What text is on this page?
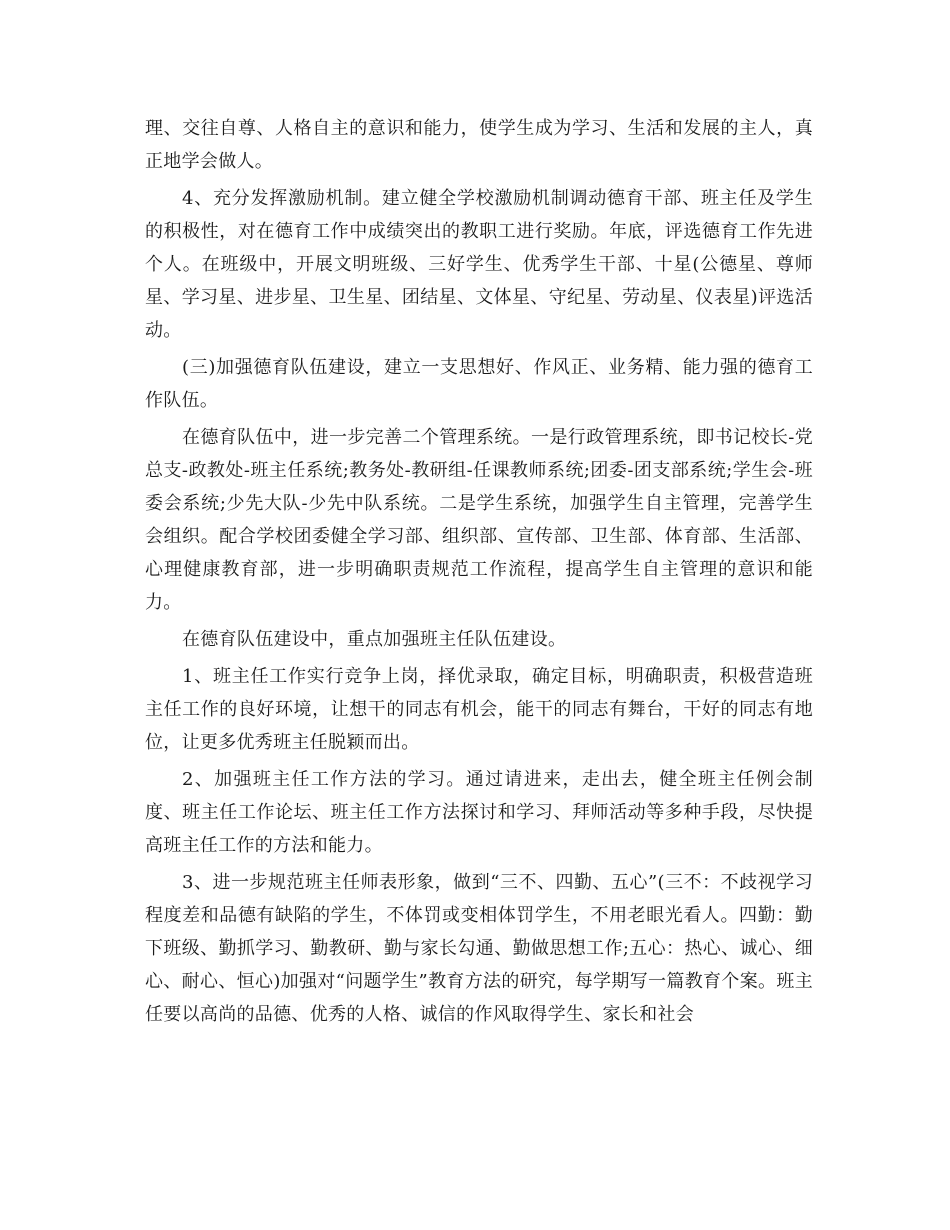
理、交往自尊、人格自主的意识和能力，使学生成为学习、生活和发展的主人，真正地学会做人。

4、充分发挥激励机制。建立健全学校激励机制调动德育干部、班主任及学生的积极性，对在德育工作中成绩突出的教职工进行奖励。年底，评选德育工作先进个人。在班级中，开展文明班级、三好学生、优秀学生干部、十星(公德星、尊师星、学习星、进步星、卫生星、团结星、文体星、守纪星、劳动星、仪表星)评选活动。

(三)加强德育队伍建设，建立一支思想好、作风正、业务精、能力强的德育工作队伍。

在德育队伍中，进一步完善二个管理系统。一是行政管理系统，即书记校长-党总支-政教处-班主任系统;教务处-教研组-任课教师系统;团委-团支部系统;学生会-班委会系统;少先大队-少先中队系统。二是学生系统，加强学生自主管理，完善学生会组织。配合学校团委健全学习部、组织部、宣传部、卫生部、体育部、生活部、心理健康教育部，进一步明确职责规范工作流程，提高学生自主管理的意识和能力。

在德育队伍建设中，重点加强班主任队伍建设。

1、班主任工作实行竞争上岗，择优录取，确定目标，明确职责，积极营造班主任工作的良好环境，让想干的同志有机会，能干的同志有舞台，干好的同志有地位，让更多优秀班主任脱颖而出。

2、加强班主任工作方法的学习。通过请进来，走出去，健全班主任例会制度、班主任工作论坛、班主任工作方法探讨和学习、拜师活动等多种手段，尽快提高班主任工作的方法和能力。

3、进一步规范班主任师表形象，做到“三不、四勤、五心”(三不：不歧视学习程度差和品德有缺陷的学生，不体罚或变相体罚学生，不用老眼光看人。四勤：勤下班级、勤抓学习、勤教研、勤与家长勾通、勤做思想工作;五心：热心、诚心、细心、耐心、恒心)加强对“问题学生”教育方法的研究，每学期写一篇教育个案。班主任要以高尚的品德、优秀的人格、诚信的作风取得学生、家长和社会
